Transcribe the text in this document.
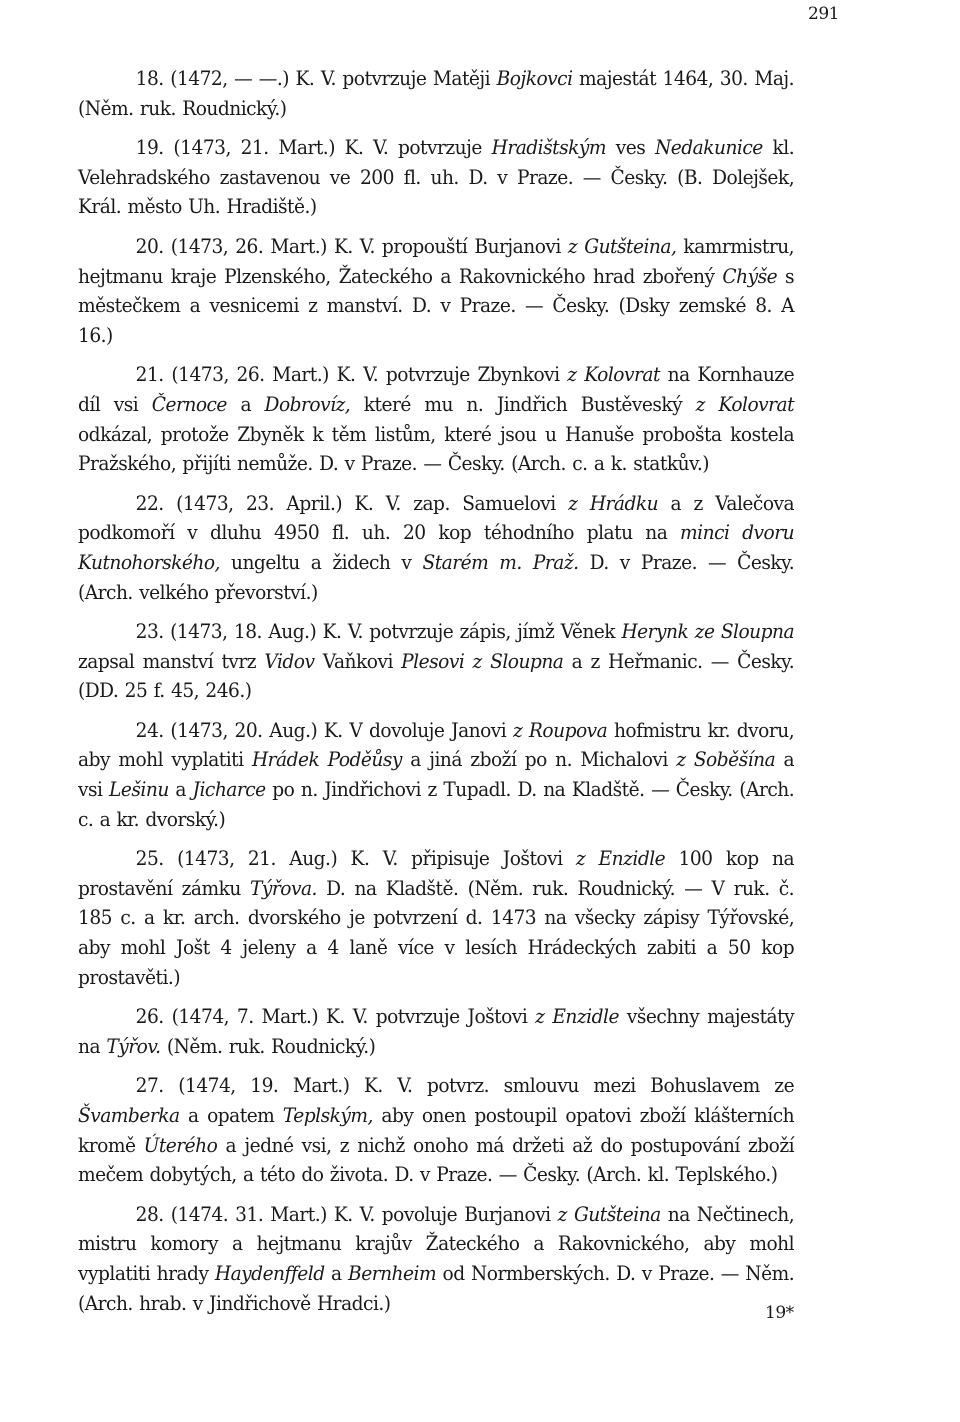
291

18. (1472, — —.) K. V. potvrzuje Matěji Bojkovci majestát 1464, 30. Maj. (Něm. ruk. Roudnický.)

19. (1473, 21. Mart.) K. V. potvrzuje Hradištským ves Nedakunice kl. Velehradského zastavenou ve 200 fl. uh. D. v Praze. — Česky. (B. Dolejšek, Král. město Uh. Hradiště.)

20. (1473, 26. Mart.) K. V. propouští Burjanovi z Gutšteina, kamrmistru, hejtmanu kraje Plzenského, Žateckého a Rakovnického hrad zbořený Chýše s městečkem a vesnicemi z manství. D. v Praze. — Česky. (Dsky zemské 8. A 16.)

21. (1473, 26. Mart.) K. V. potvrzuje Zbynkovi z Kolovrat na Kornhauze díl vsi Černoce a Dobrovíz, které mu n. Jindřich Bustěveský z Kolovrat odkázal, protože Zbyněk k těm listům, které jsou u Hanuše probošta kostela Pražského, přijíti nemůže. D. v Praze. — Česky. (Arch. c. a k. statkův.)

22. (1473, 23. April.) K. V. zap. Samuelovi z Hrádku a z Valečova podkomoří v dluhu 4950 fl. uh. 20 kop téhodního platu na minci dvoru Kutnohorského, ungeltu a židech v Starém m. Praž. D. v Praze. — Česky. (Arch. velkého převorství.)

23. (1473, 18. Aug.) K. V. potvrzuje zápis, jímž Věnek Herynk ze Sloupna zapsal manství tvrz Vidov Vaňkovi Plesovi z Sloupna a z Heřmanic. — Česky. (DD. 25 f. 45, 246.)

24. (1473, 20. Aug.) K. V dovoluje Janovi z Roupova hofmistru kr. dvoru, aby mohl vyplatiti Hrádek Poděůsy a jiná zboží po n. Michalovi z Soběšína a vsi Lešinu a Jicharce po n. Jindřichovi z Tupadl. D. na Kladště. — Česky. (Arch. c. a kr. dvorský.)

25. (1473, 21. Aug.) K. V. připisuje Joštovi z Enzidle 100 kop na prostavění zámku Týřova. D. na Kladště. (Něm. ruk. Roudnický. — V ruk. č. 185 c. a kr. arch. dvorského je potvrzení d. 1473 na všecky zápisy Týřovské, aby mohl Jošt 4 jeleny a 4 laně více v lesích Hrádeckých zabiti a 50 kop prostavěti.)

26. (1474, 7. Mart.) K. V. potvrzuje Joštovi z Enzidle všechny majestáty na Týřov. (Něm. ruk. Roudnický.)

27. (1474, 19. Mart.) K. V. potvrz. smlouvu mezi Bohuslavem ze Švamberka a opatem Teplským, aby onen postoupil opatovi zboží klášterních kromě Úterého a jedné vsi, z nichž onoho má držeti až do postupování zboží mečem dobytých, a této do života. D. v Praze. — Česky. (Arch. kl. Teplského.)

28. (1474. 31. Mart.) K. V. povoluje Burjanovi z Gutšteina na Nečtinech, mistru komory a hejtmanu krajův Žateckého a Rakovnického, aby mohl vyplatiti hrady Haydenffeld a Bernheim od Normberských. D. v Praze. — Něm. (Arch. hrab. v Jindřichově Hradci.)	19*
